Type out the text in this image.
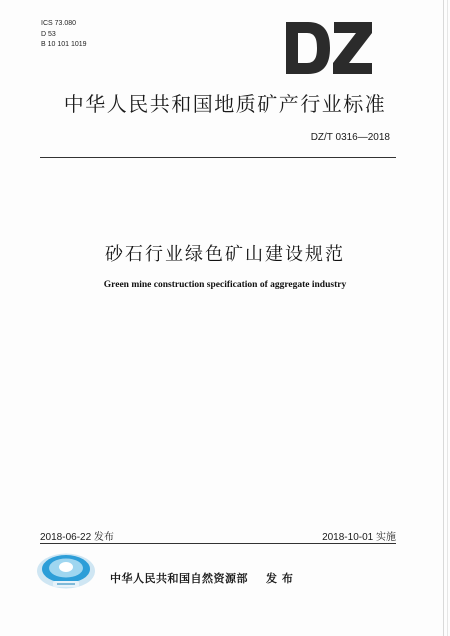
ICS 73.080
D 53
B 10 101 1019
中华人民共和国地质矿产行业标准
DZ/T 0316—2018
砂石行业绿色矿山建设规范
Green mine construction specification of aggregate industry
2018-06-22 发布	2018-10-01 实施
中华人民共和国自然资源部 发 布
